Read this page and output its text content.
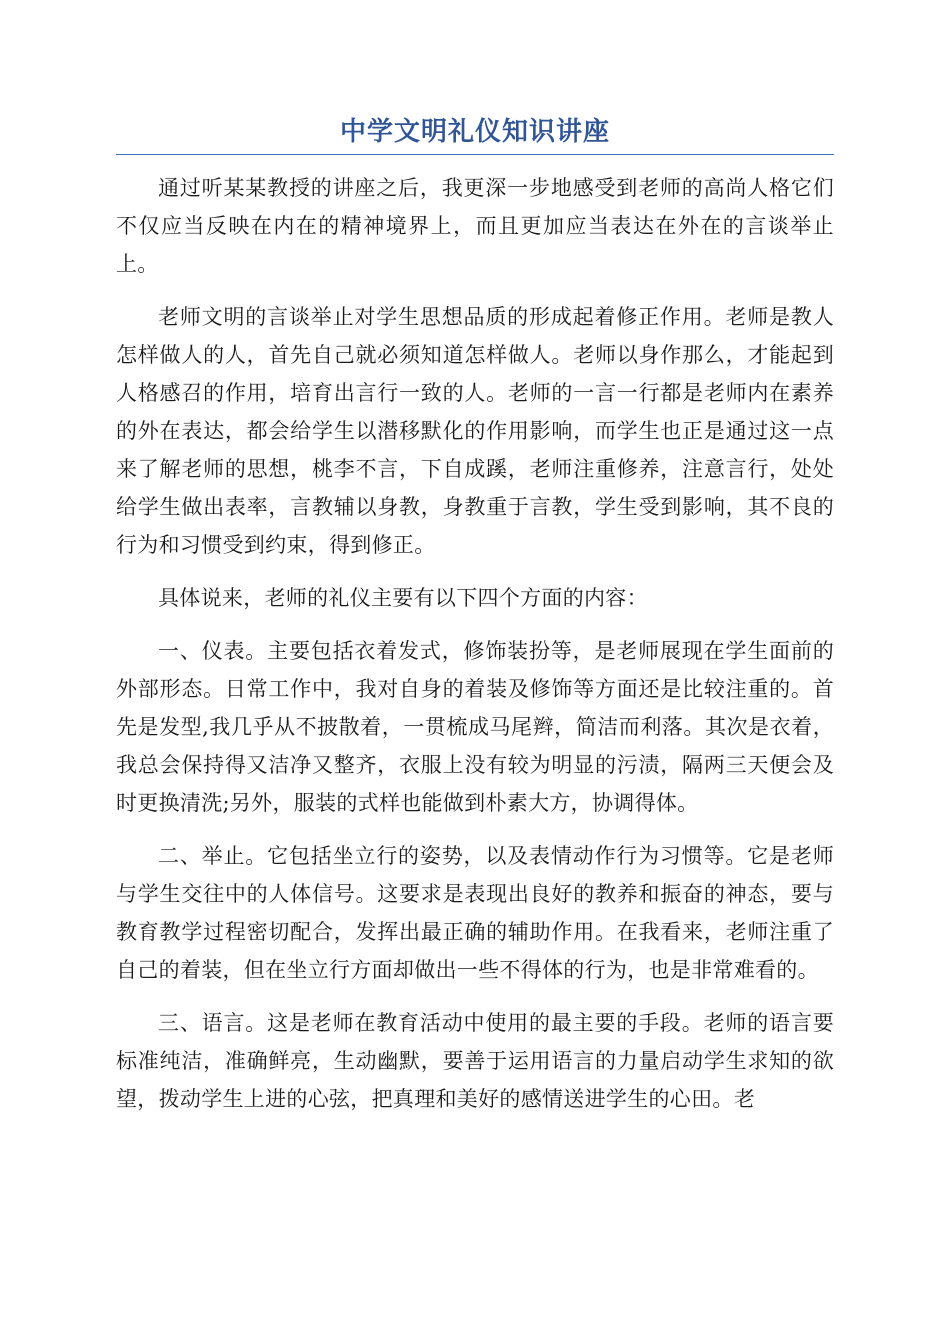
中学文明礼仪知识讲座

通过听某某教授的讲座之后，我更深一步地感受到老师的高尚人格它们不仅应当反映在内在的精神境界上，而且更加应当表达在外在的言谈举止上。

老师文明的言谈举止对学生思想品质的形成起着修正作用。老师是教人怎样做人的人，首先自己就必须知道怎样做人。老师以身作那么，才能起到人格感召的作用，培育出言行一致的人。老师的一言一行都是老师内在素养的外在表达，都会给学生以潜移默化的作用影响，而学生也正是通过这一点来了解老师的思想，桃李不言，下自成蹊，老师注重修养，注意言行，处处给学生做出表率，言教辅以身教，身教重于言教，学生受到影响，其不良的行为和习惯受到约束，得到修正。

具体说来，老师的礼仪主要有以下四个方面的内容：

一、仪表。主要包括衣着发式，修饰装扮等，是老师展现在学生面前的外部形态。日常工作中，我对自身的着装及修饰等方面还是比较注重的。首先是发型,我几乎从不披散着，一贯梳成马尾辫，简洁而利落。其次是衣着，我总会保持得又洁净又整齐，衣服上没有较为明显的污渍，隔两三天便会及时更换清洗;另外，服装的式样也能做到朴素大方，协调得体。

二、举止。它包括坐立行的姿势，以及表情动作行为习惯等。它是老师与学生交往中的人体信号。这要求是表现出良好的教养和振奋的神态，要与教育教学过程密切配合，发挥出最正确的辅助作用。在我看来，老师注重了自己的着装，但在坐立行方面却做出一些不得体的行为，也是非常难看的。

三、语言。这是老师在教育活动中使用的最主要的手段。老师的语言要标准纯洁，准确鲜亮，生动幽默，要善于运用语言的力量启动学生求知的欲望，拨动学生上进的心弦，把真理和美好的感情送进学生的心田。老
